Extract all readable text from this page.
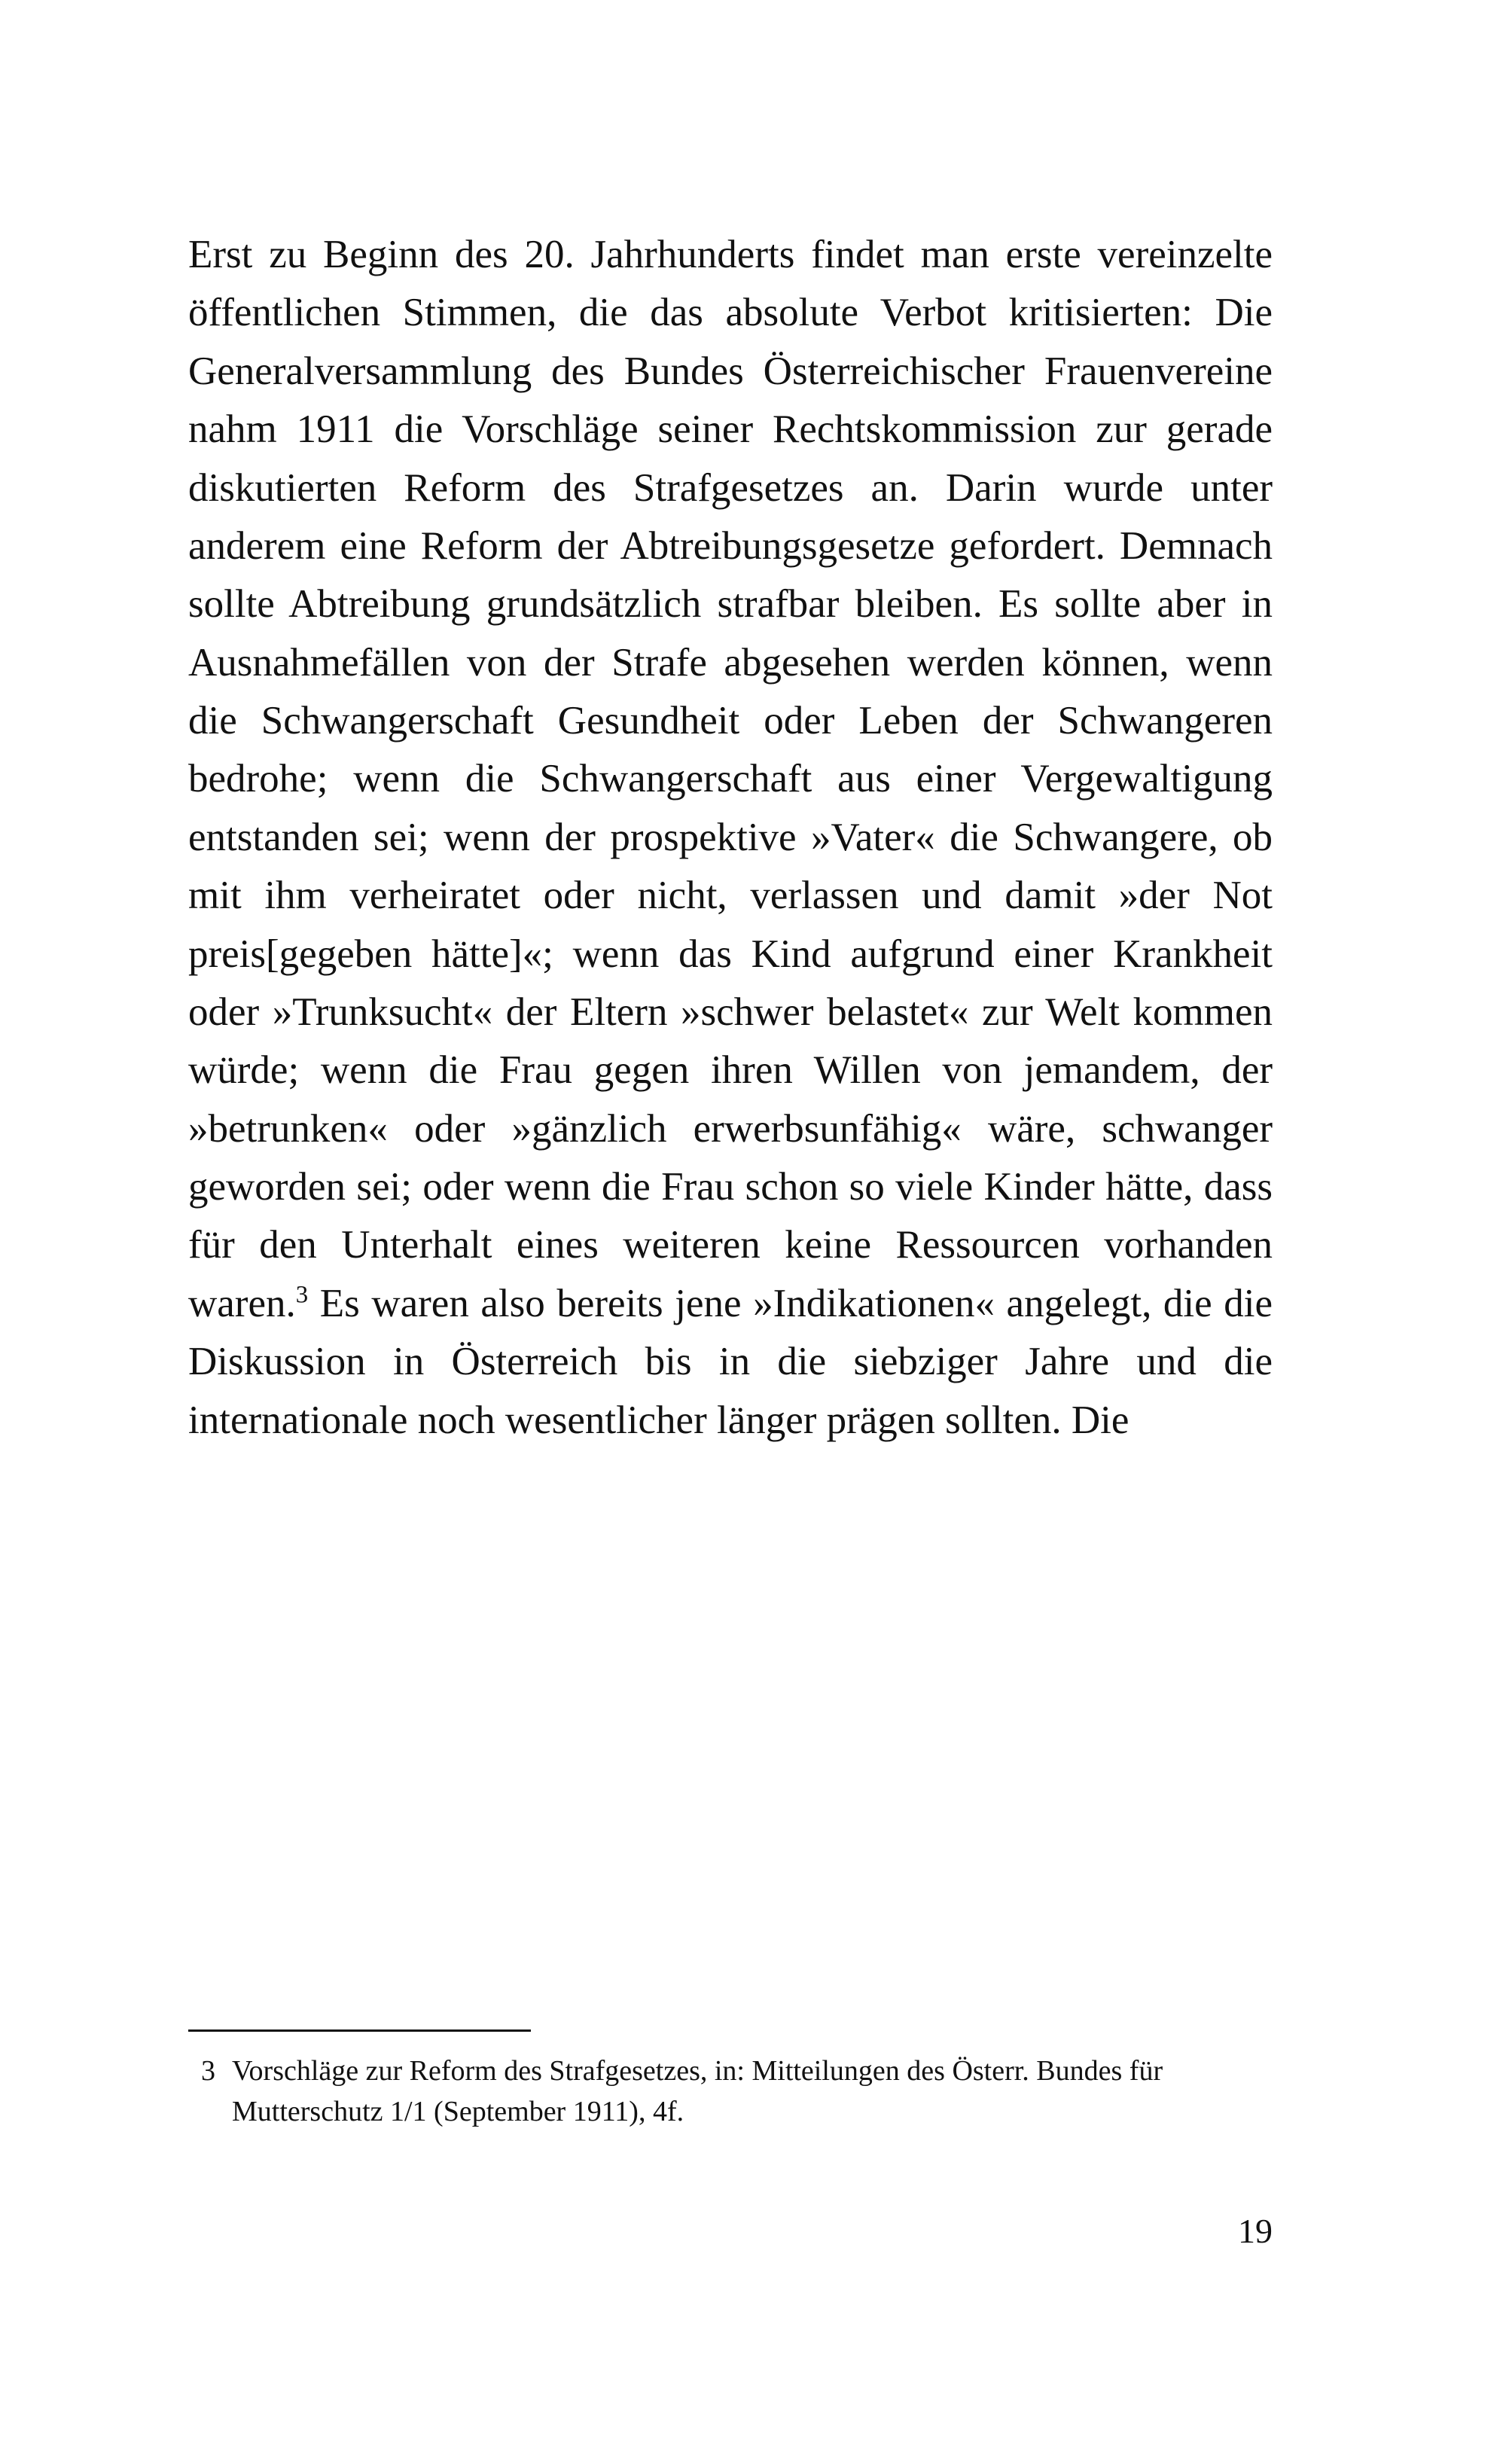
Erst zu Beginn des 20. Jahrhunderts findet man erste vereinzelte öffentlichen Stimmen, die das absolute Verbot kritisierten: Die Generalversammlung des Bundes Österreichischer Frauenvereine nahm 1911 die Vorschläge seiner Rechtskommission zur gerade diskutierten Reform des Strafgesetzes an. Darin wurde unter anderem eine Reform der Abtreibungsgesetze gefordert. Demnach sollte Abtreibung grundsätzlich strafbar bleiben. Es sollte aber in Ausnahmefällen von der Strafe abgesehen werden können, wenn die Schwangerschaft Gesundheit oder Leben der Schwangeren bedrohe; wenn die Schwangerschaft aus einer Vergewaltigung entstanden sei; wenn der prospektive »Vater« die Schwangere, ob mit ihm verheiratet oder nicht, verlassen und damit »der Not preis[gegeben hätte]«; wenn das Kind aufgrund einer Krankheit oder »Trunksucht« der Eltern »schwer belastet« zur Welt kommen würde; wenn die Frau gegen ihren Willen von jemandem, der »betrunken« oder »gänzlich erwerbsunfähig« wäre, schwanger geworden sei; oder wenn die Frau schon so viele Kinder hätte, dass für den Unterhalt eines weiteren keine Ressourcen vorhanden waren.$^3$ Es waren also bereits jene »Indikationen« angelegt, die die Diskussion in Österreich bis in die siebziger Jahre und die internationale noch wesentlicher länger prägen sollten. Die

3 Vorschläge zur Reform des Strafgesetzes, in: Mitteilungen des Österr. Bundes für Mutterschutz 1/1 (September 1911), 4f.

19
